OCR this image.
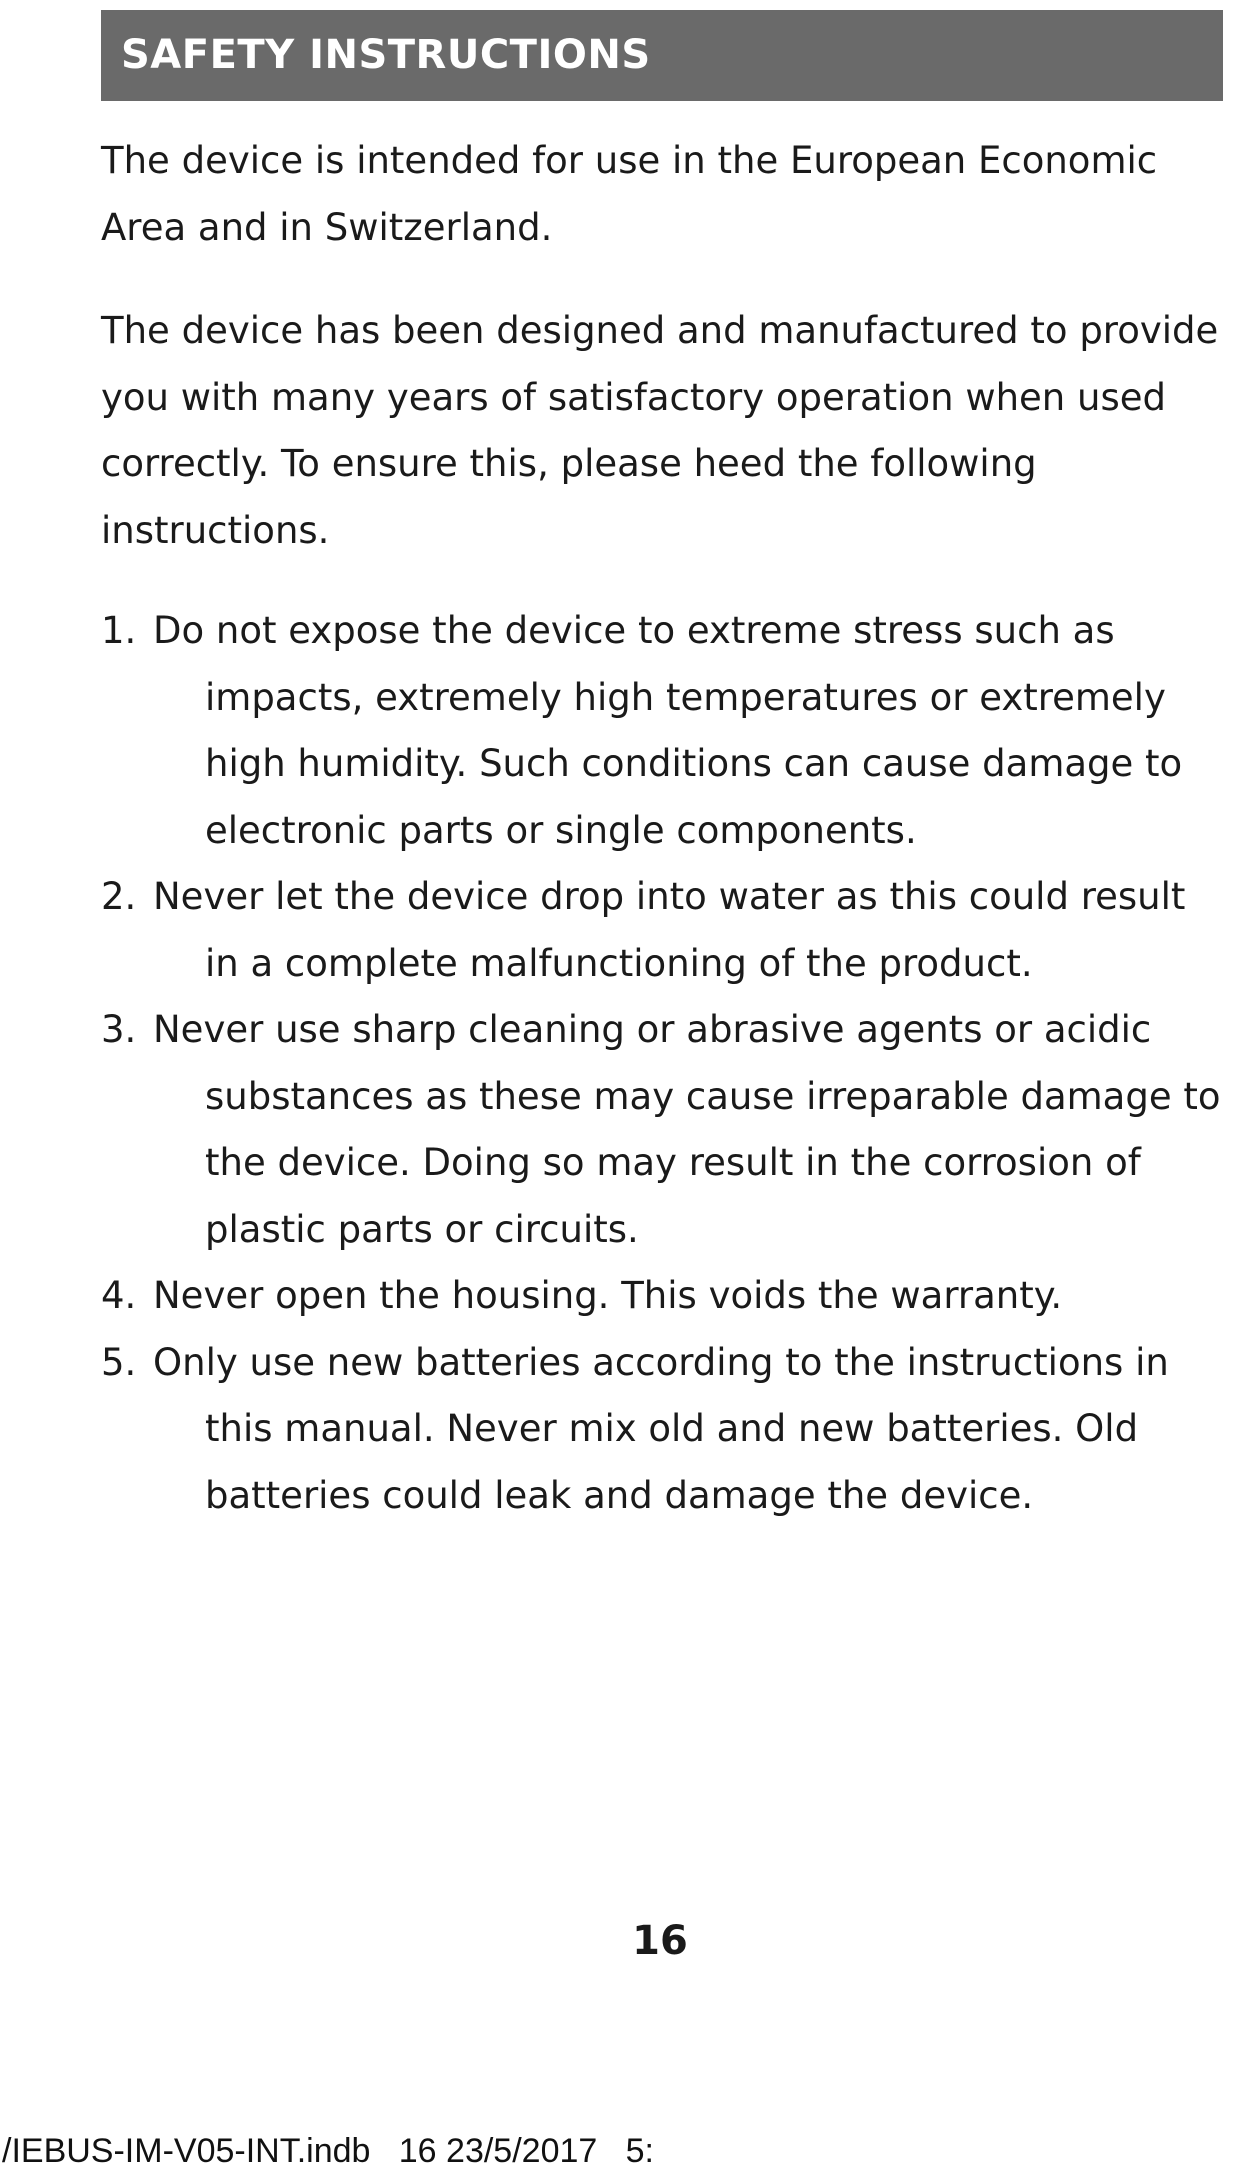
SAFETY INSTRUCTIONS

The device is intended for use in the European Economic Area and in Switzerland.

The device has been designed and manufactured to provide you with many years of satisfactory operation when used correctly. To ensure this, please heed the following instructions.

1. Do not expose the device to extreme stress such as impacts, extremely high temperatures or extremely high humidity. Such conditions can cause damage to electronic parts or single components.
2. Never let the device drop into water as this could result in a complete malfunctioning of the product.
3. Never use sharp cleaning or abrasive agents or acidic substances as these may cause irreparable damage to the device. Doing so may result in the corrosion of plastic parts or circuits.
4. Never open the housing. This voids the warranty.
5. Only use new batteries according to the instructions in this manual. Never mix old and new batteries. Old batteries could leak and damage the device.
16
/IEBUS-IM-V05-INT.indb   16 23/5/2017   5:
